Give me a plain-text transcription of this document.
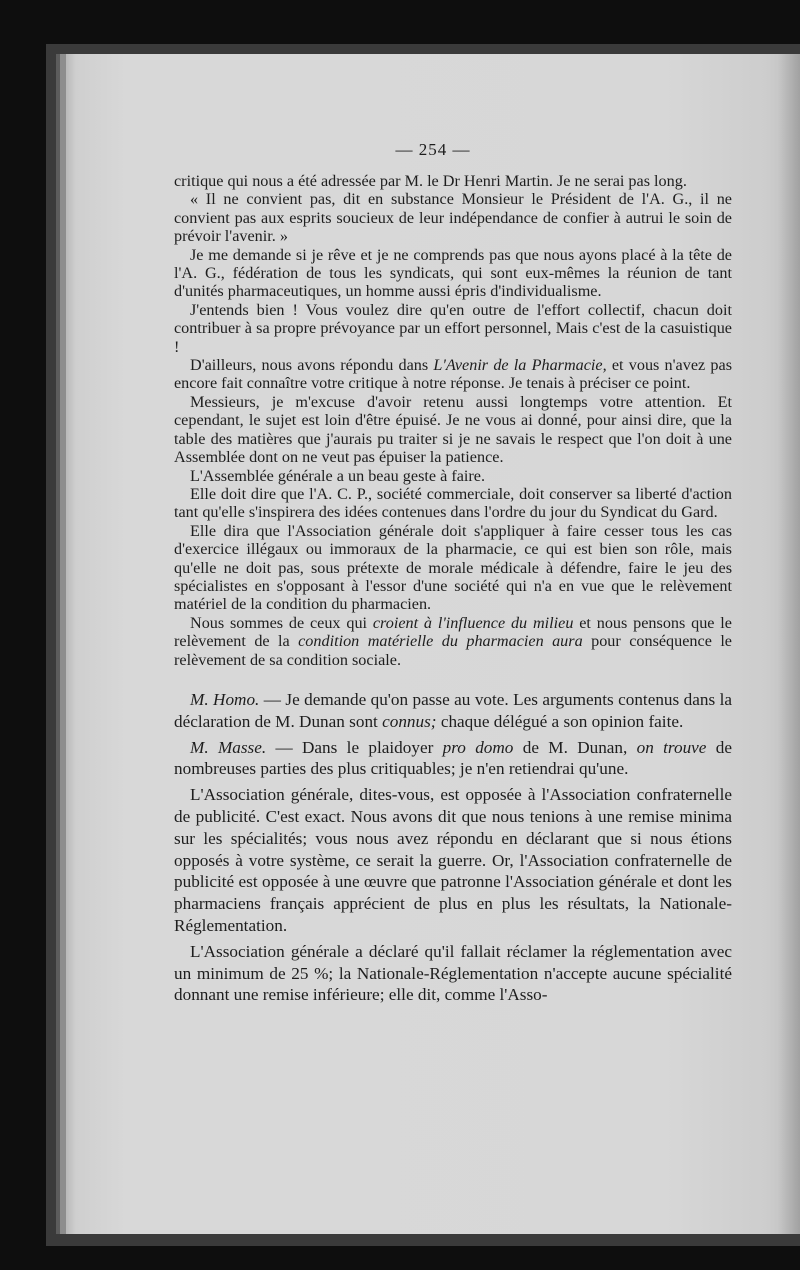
— 254 —

critique qui nous a été adressée par M. le Dr Henri Martin. Je ne serai pas long.

« Il ne convient pas, dit en substance Monsieur le Président de l'A. G., il ne convient pas aux esprits soucieux de leur indépendance de confier à autrui le soin de prévoir l'avenir. »

Je me demande si je rêve et je ne comprends pas que nous ayons placé à la tête de l'A. G., fédération de tous les syndicats, qui sont eux-mêmes la réunion de tant d'unités pharmaceutiques, un homme aussi épris d'individualisme.

J'entends bien ! Vous voulez dire qu'en outre de l'effort collectif, chacun doit contribuer à sa propre prévoyance par un effort personnel, Mais c'est de la casuistique !

D'ailleurs, nous avons répondu dans L'Avenir de la Pharmacie, et vous n'avez pas encore fait connaître votre critique à notre réponse. Je tenais à préciser ce point.

Messieurs, je m'excuse d'avoir retenu aussi longtemps votre attention. Et cependant, le sujet est loin d'être épuisé. Je ne vous ai donné, pour ainsi dire, que la table des matières que j'aurais pu traiter si je ne savais le respect que l'on doit à une Assemblée dont on ne veut pas épuiser la patience.

L'Assemblée générale a un beau geste à faire.

Elle doit dire que l'A. C. P., société commerciale, doit conserver sa liberté d'action tant qu'elle s'inspirera des idées contenues dans l'ordre du jour du Syndicat du Gard.

Elle dira que l'Association générale doit s'appliquer à faire cesser tous les cas d'exercice illégaux ou immoraux de la pharmacie, ce qui est bien son rôle, mais qu'elle ne doit pas, sous prétexte de morale médicale à défendre, faire le jeu des spécialistes en s'opposant à l'essor d'une société qui n'a en vue que le relèvement matériel de la condition du pharmacien.

Nous sommes de ceux qui croient à l'influence du milieu et nous pensons que le relèvement de la condition matérielle du pharmacien aura pour conséquence le relèvement de sa condition sociale.

M. Homo. — Je demande qu'on passe au vote. Les arguments contenus dans la déclaration de M. Dunan sont connus; chaque délégué a son opinion faite.

M. Masse. — Dans le plaidoyer pro domo de M. Dunan, on trouve de nombreuses parties des plus critiquables; je n'en retiendrai qu'une.

L'Association générale, dites-vous, est opposée à l'Association confraternelle de publicité. C'est exact. Nous avons dit que nous tenions à une remise minima sur les spécialités; vous nous avez répondu en déclarant que si nous étions opposés à votre système, ce serait la guerre. Or, l'Association confraternelle de publicité est opposée à une œuvre que patronne l'Association générale et dont les pharmaciens français apprécient de plus en plus les résultats, la Nationale-Réglementation.

L'Association générale a déclaré qu'il fallait réclamer la réglementation avec un minimum de 25 %; la Nationale-Réglementation n'accepte aucune spécialité donnant une remise inférieure; elle dit, comme l'Asso-
